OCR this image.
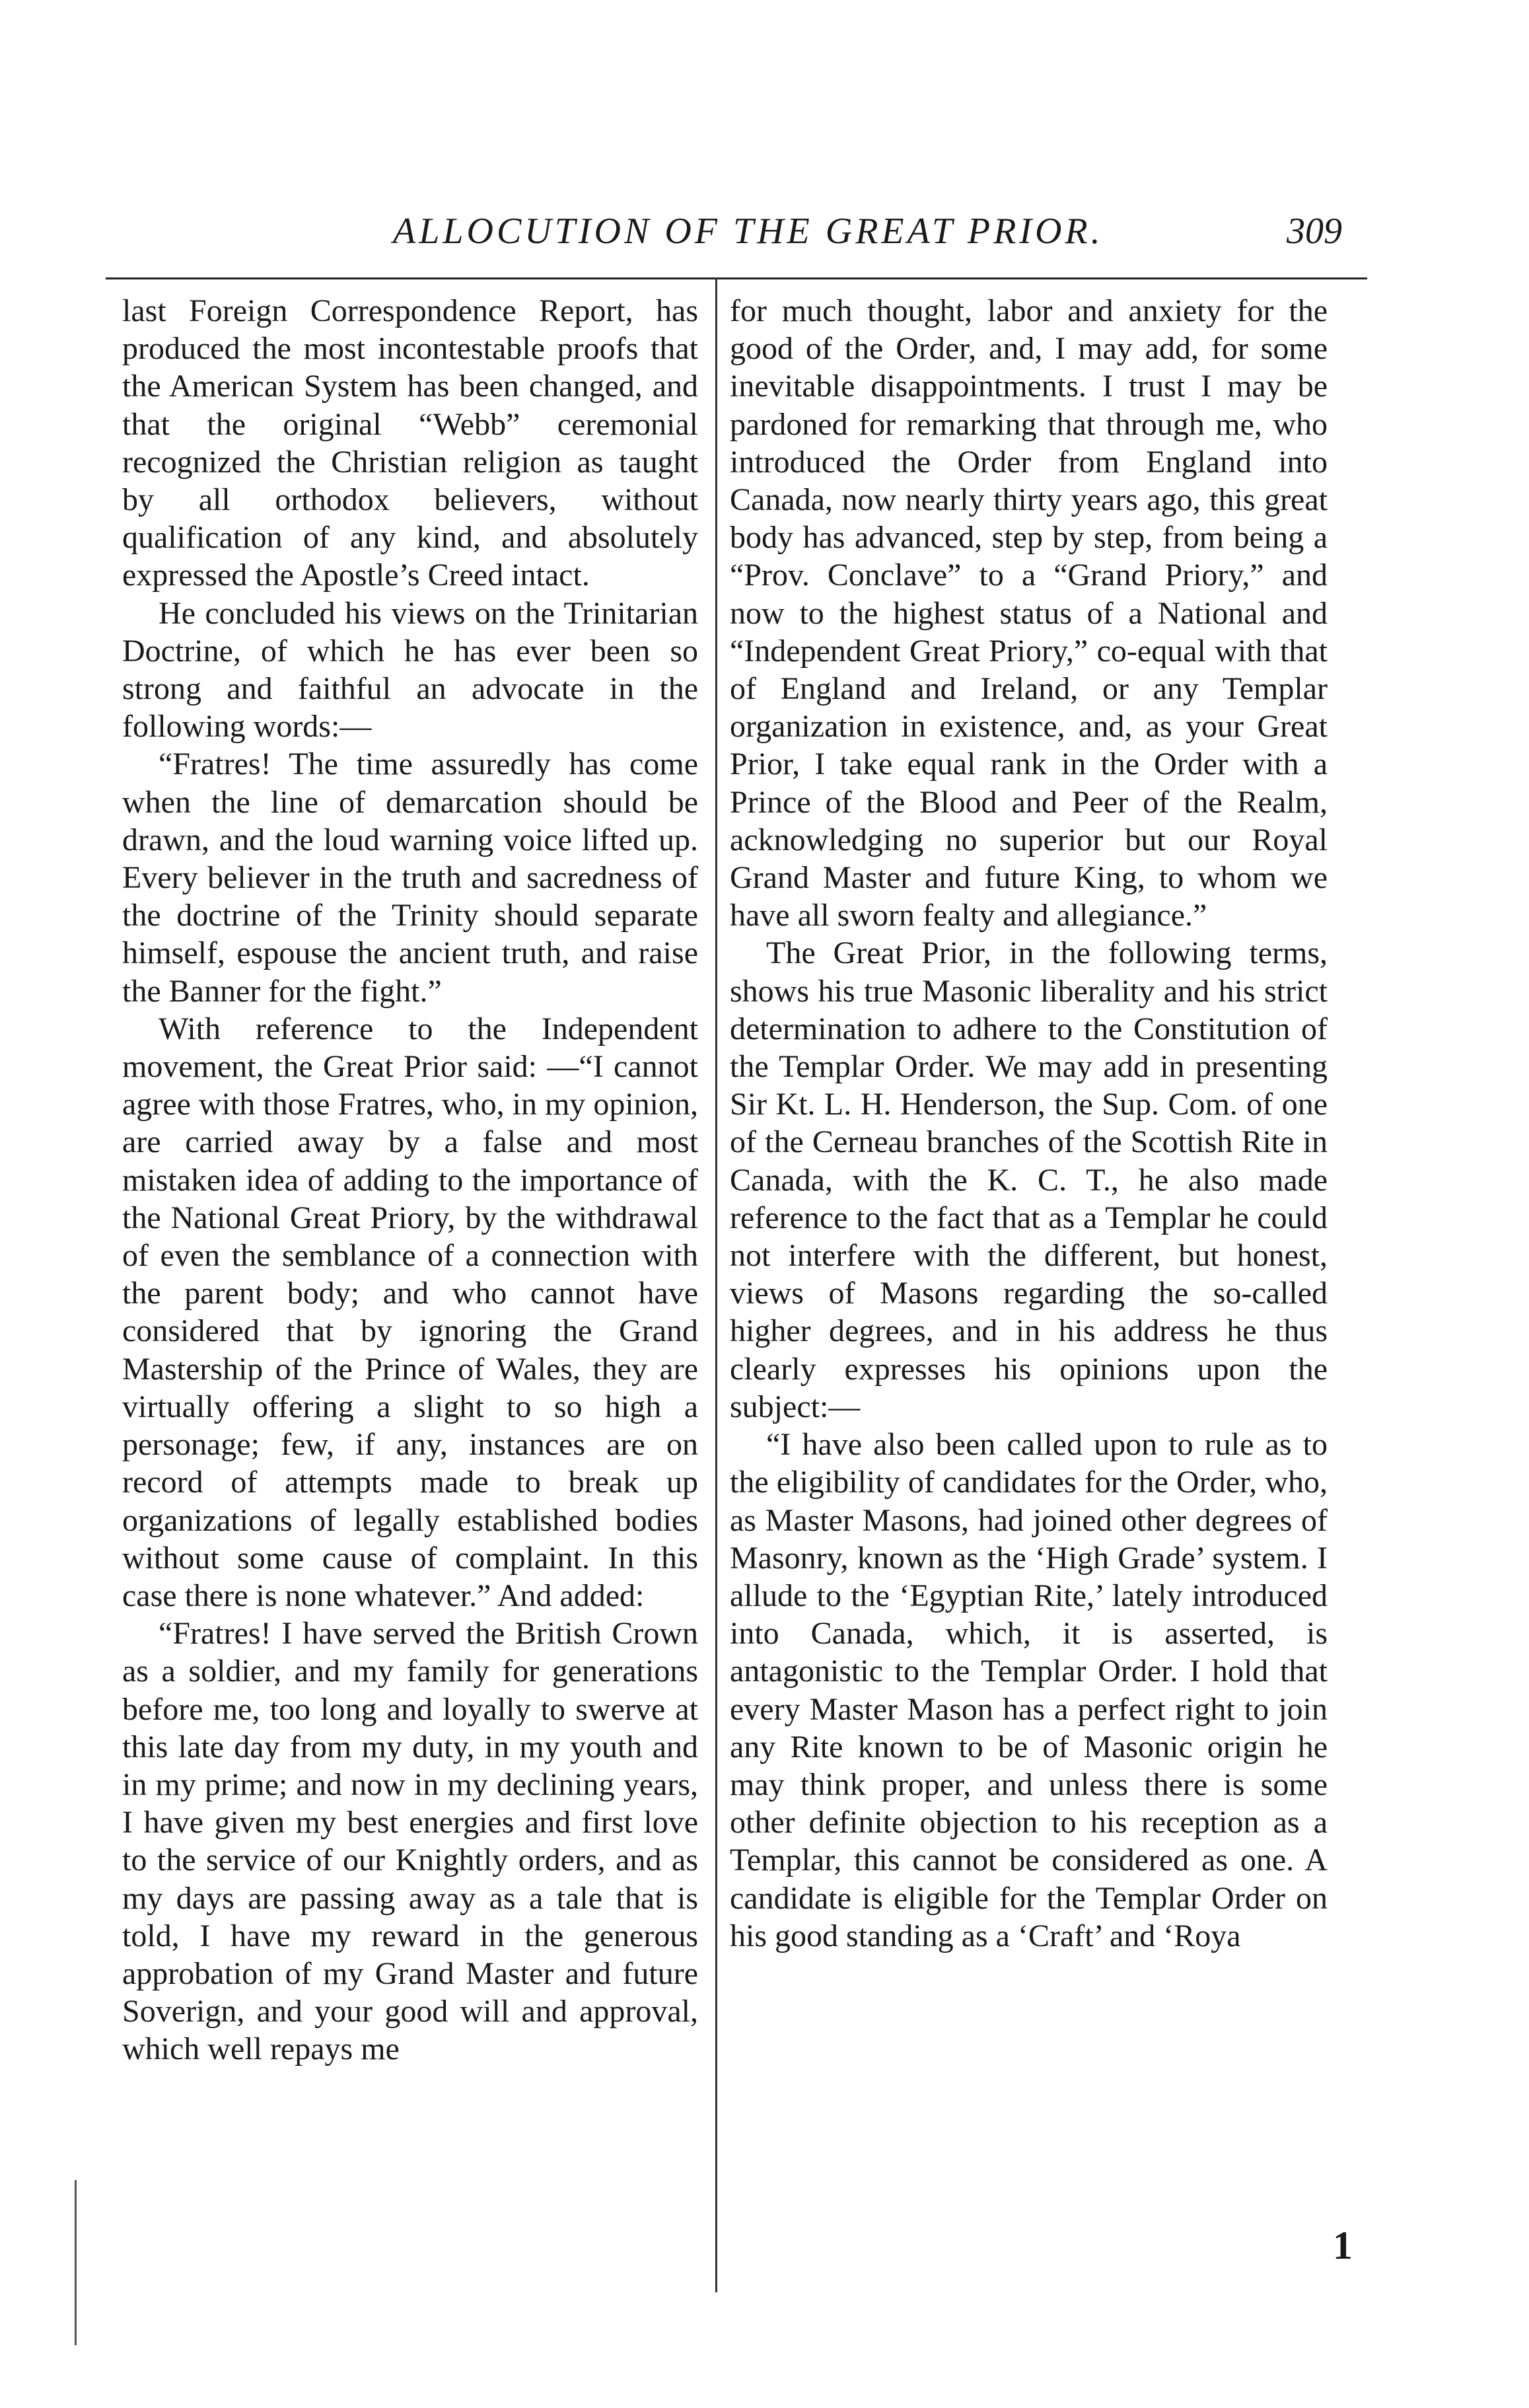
ALLOCUTION OF THE GREAT PRIOR.	309

last Foreign Correspondence Report, has produced the most incontestable proofs that the American System has been changed, and that the original “Webb” ceremonial recognized the Christian religion as taught by all orthodox believers, without qualification of any kind, and absolutely expressed the Apostle’s Creed intact.

He concluded his views on the Trinitarian Doctrine, of which he has ever been so strong and faithful an advocate in the following words:—

“Fratres! The time assuredly has come when the line of demarcation should be drawn, and the loud warning voice lifted up. Every believer in the truth and sacredness of the doctrine of the Trinity should separate himself, espouse the ancient truth, and raise the Banner for the fight.”

With reference to the Independent movement, the Great Prior said: —“I cannot agree with those Fratres, who, in my opinion, are carried away by a false and most mistaken idea of adding to the importance of the National Great Priory, by the withdrawal of even the semblance of a connection with the parent body; and who cannot have considered that by ignoring the Grand Mastership of the Prince of Wales, they are virtually offering a slight to so high a personage; few, if any, instances are on record of attempts made to break up organizations of legally established bodies without some cause of complaint. In this case there is none whatever.” And added:

“Fratres! I have served the British Crown as a soldier, and my family for generations before me, too long and loyally to swerve at this late day from my duty, in my youth and in my prime; and now in my declining years, I have given my best energies and first love to the service of our Knightly orders, and as my days are passing away as a tale that is told, I have my reward in the generous approbation of my Grand Master and future Soverign, and your good will and approval, which well repays me

for much thought, labor and anxiety for the good of the Order, and, I may add, for some inevitable disappointments. I trust I may be pardoned for remarking that through me, who introduced the Order from England into Canada, now nearly thirty years ago, this great body has advanced, step by step, from being a “Prov. Conclave” to a “Grand Priory,” and now to the highest status of a National and “Independent Great Priory,” co-equal with that of England and Ireland, or any Templar organization in existence, and, as your Great Prior, I take equal rank in the Order with a Prince of the Blood and Peer of the Realm, acknowledging no superior but our Royal Grand Master and future King, to whom we have all sworn fealty and allegiance.”

The Great Prior, in the following terms, shows his true Masonic liberality and his strict determination to adhere to the Constitution of the Templar Order. We may add in presenting Sir Kt. L. H. Henderson, the Sup. Com. of one of the Cerneau branches of the Scottish Rite in Canada, with the K. C. T., he also made reference to the fact that as a Templar he could not interfere with the different, but honest, views of Masons regarding the so-called higher degrees, and in his address he thus clearly expresses his opinions upon the subject:—

“I have also been called upon to rule as to the eligibility of candidates for the Order, who, as Master Masons, had joined other degrees of Masonry, known as the ‘High Grade’ system. I allude to the ‘Egyptian Rite,’ lately introduced into Canada, which, it is asserted, is antagonistic to the Templar Order. I hold that every Master Mason has a perfect right to join any Rite known to be of Masonic origin he may think proper, and unless there is some other definite objection to his reception as a Templar, this cannot be considered as one. A candidate is eligible for the Templar Order on his good standing as a ‘Craft’ and ‘Roya

1
